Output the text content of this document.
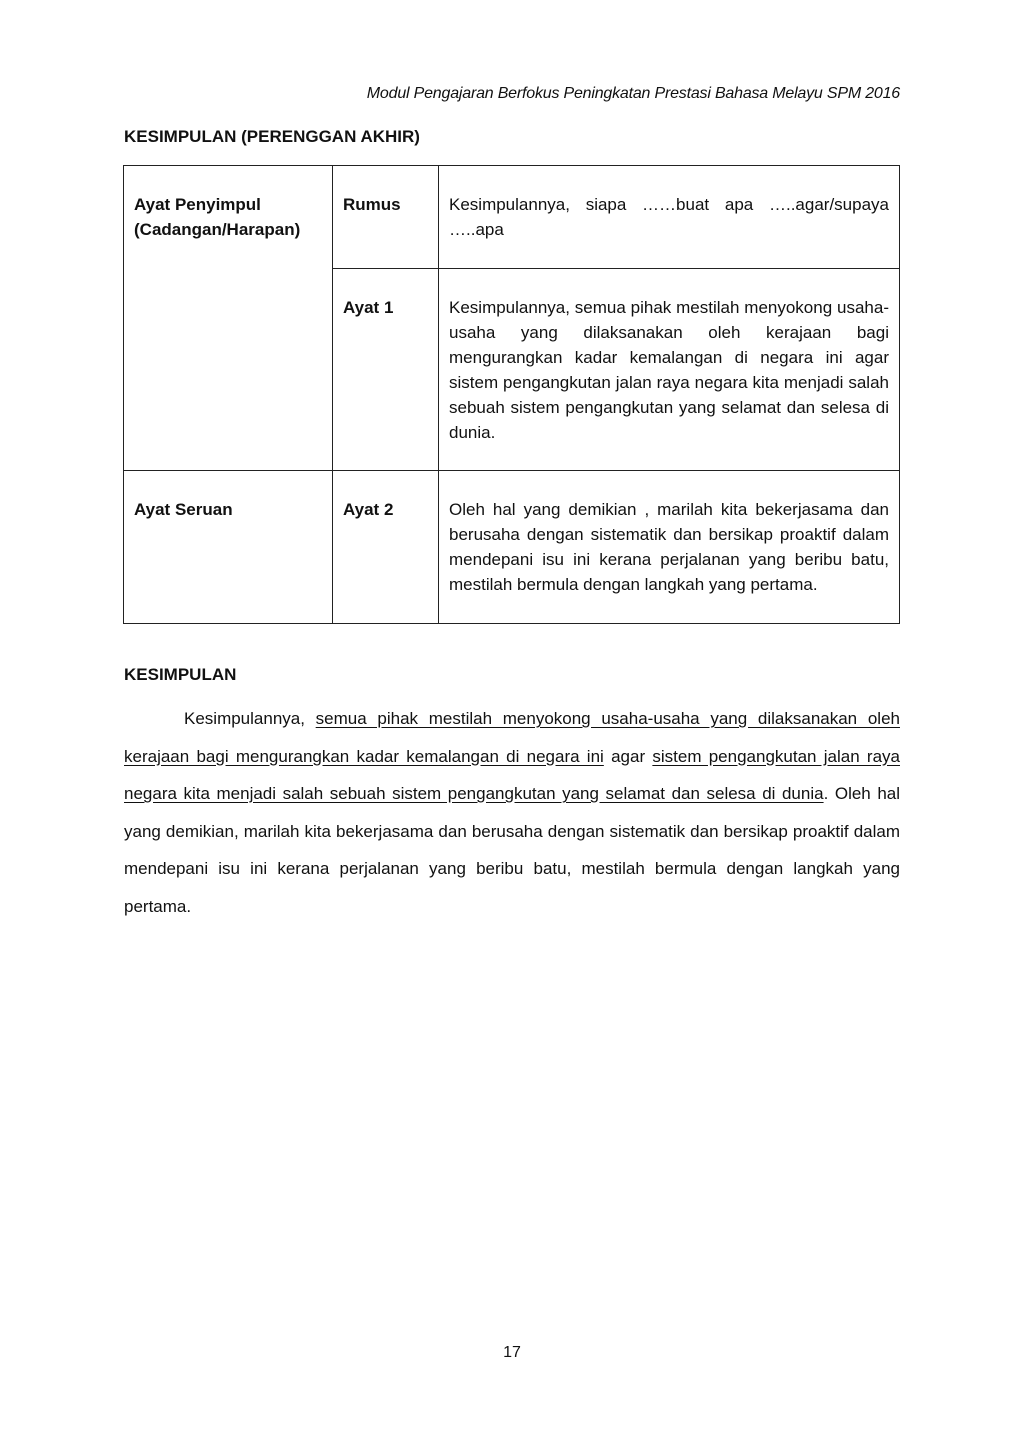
Modul Pengajaran Berfokus Peningkatan Prestasi Bahasa Melayu SPM 2016
KESIMPULAN (PERENGGAN AKHIR)
Ayat Penyimpul
(Cadangan/Harapan)	Rumus	Kesimpulannya, siapa ……buat apa …..agar/supaya …..apa
	Ayat 1	Kesimpulannya, semua pihak mestilah menyokong usaha-usaha yang dilaksanakan oleh kerajaan bagi mengurangkan kadar kemalangan di negara ini agar sistem pengangkutan jalan raya negara kita menjadi salah sebuah sistem pengangkutan yang selamat dan selesa di dunia.
Ayat Seruan	Ayat 2	Oleh hal yang demikian , marilah kita bekerjasama dan berusaha dengan sistematik dan bersikap proaktif dalam mendepani isu ini kerana perjalanan yang beribu batu, mestilah bermula dengan langkah yang pertama.
KESIMPULAN
Kesimpulannya, semua pihak mestilah menyokong usaha-usaha yang dilaksanakan oleh kerajaan bagi mengurangkan kadar kemalangan di negara ini agar sistem pengangkutan jalan raya negara kita menjadi salah sebuah sistem pengangkutan yang selamat dan selesa di dunia. Oleh hal yang demikian, marilah kita bekerjasama dan berusaha dengan sistematik dan bersikap proaktif dalam mendepani isu ini kerana perjalanan yang beribu batu, mestilah bermula dengan langkah yang pertama.
17
